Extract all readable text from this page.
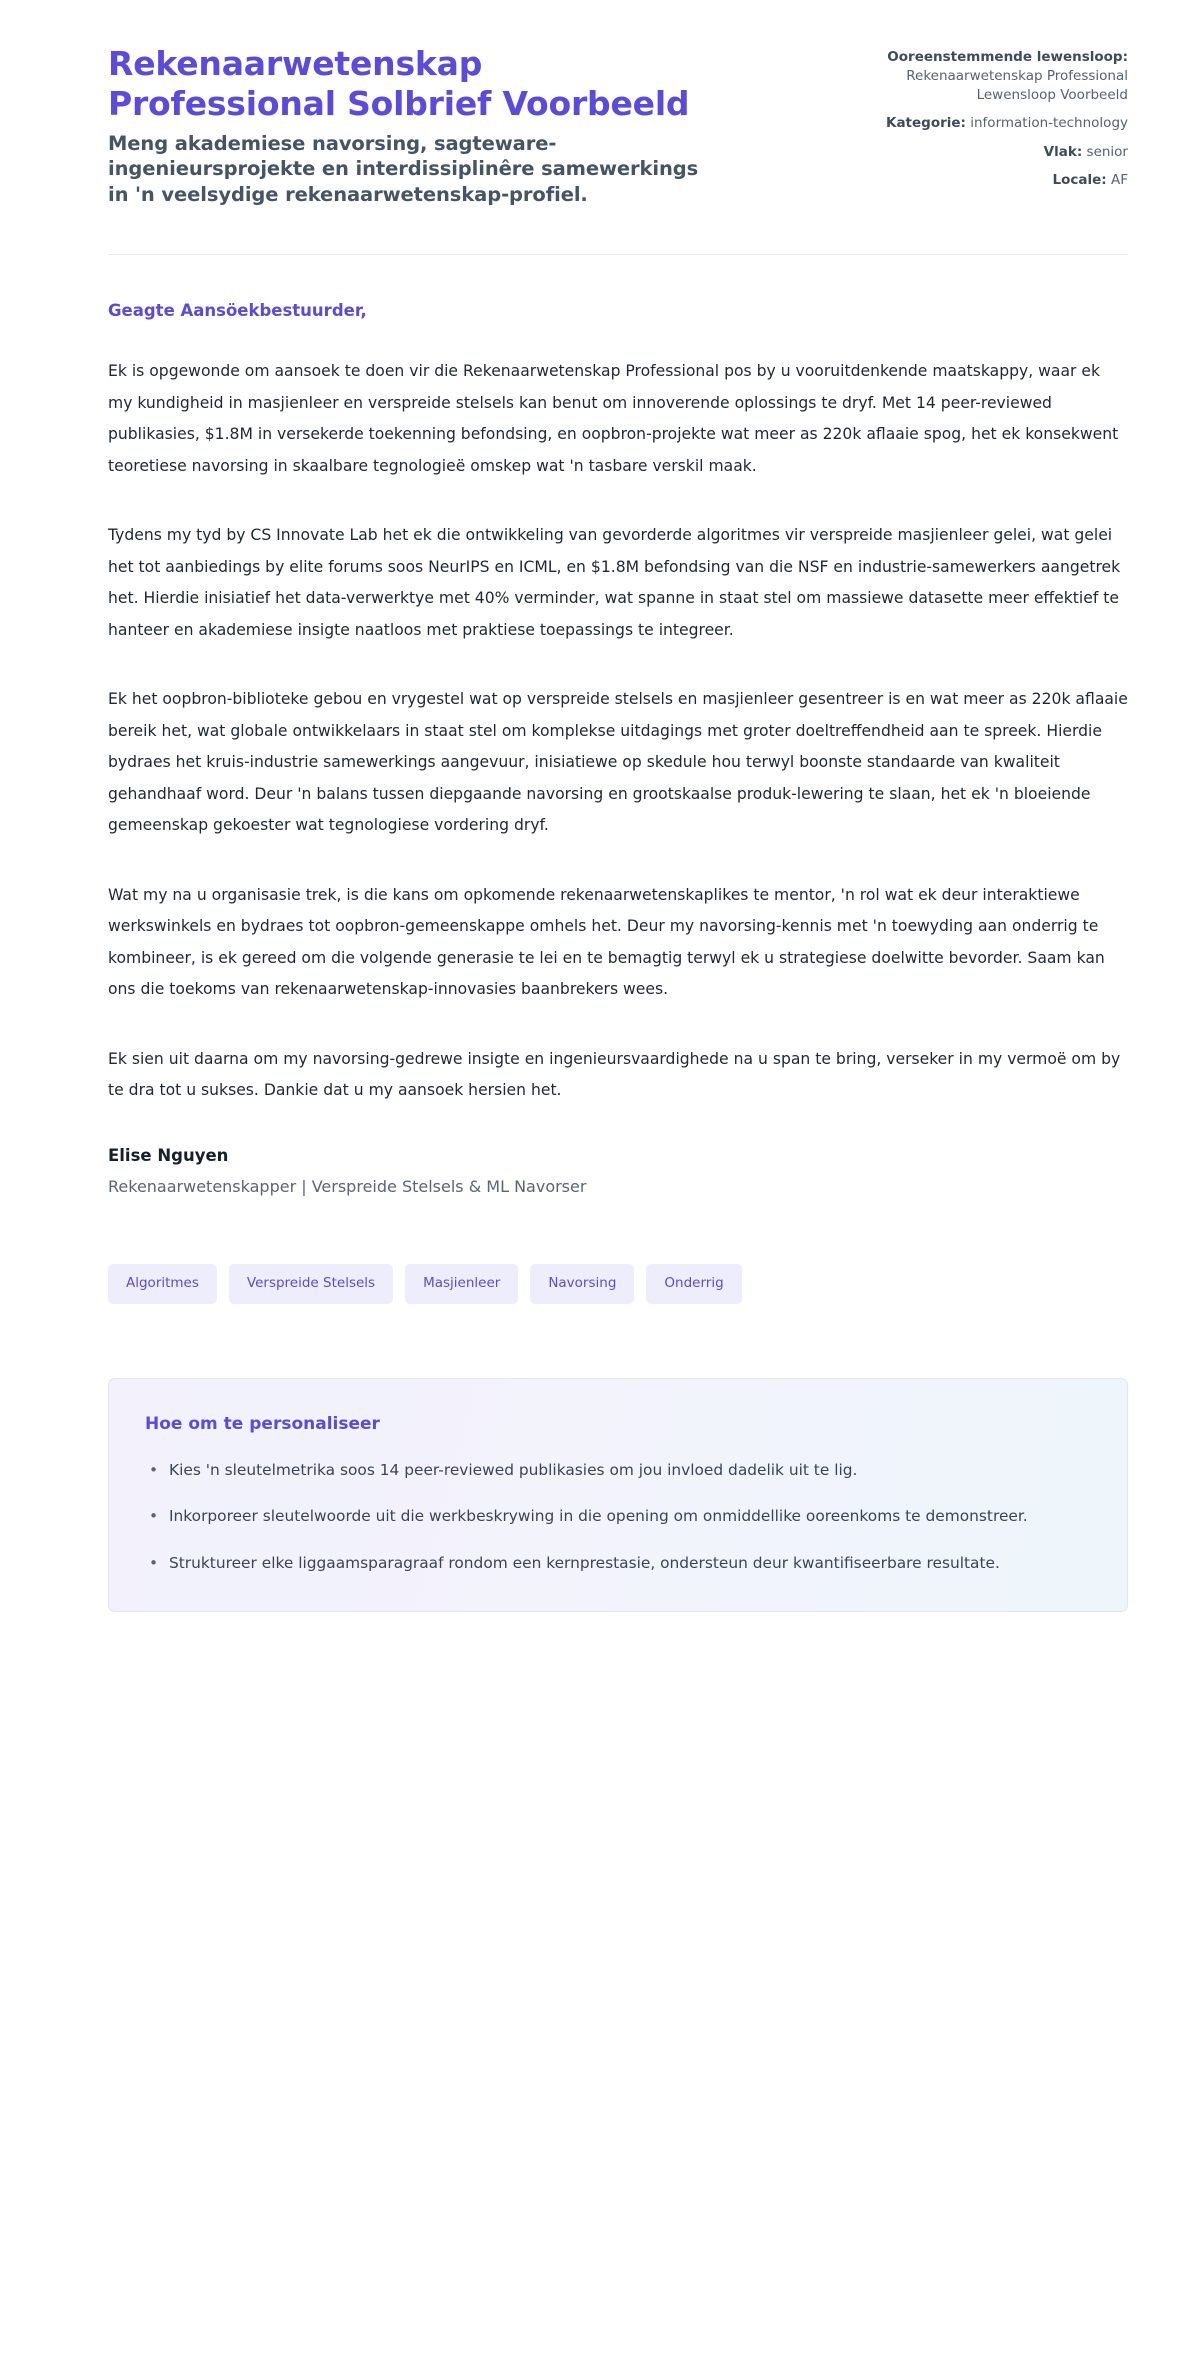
Rekenaarwetenskap Professional Solbrief Voorbeeld

Meng akademiese navorsing, sagteware-ingenieursprojekte en interdissiplinêre samewerkings in 'n veelsydige rekenaarwetenskap-profiel.

Ooreenstemmende lewensloop: Rekenaarwetenskap Professional Lewensloop Voorbeeld
Kategorie: information-technology
Vlak: senior
Locale: AF

Geagte Aansöekbestuurder,

Ek is opgewonde om aansoek te doen vir die Rekenaarwetenskap Professional pos by u vooruitdenkende maatskappy, waar ek my kundigheid in masjienleer en verspreide stelsels kan benut om innoverende oplossings te dryf. Met 14 peer-reviewed publikasies, $1.8M in versekerde toekenning befondsing, en oopbron-projekte wat meer as 220k aflaaie spog, het ek konsekwent teoretiese navorsing in skaalbare tegnologieë omskep wat 'n tasbare verskil maak.

Tydens my tyd by CS Innovate Lab het ek die ontwikkeling van gevorderde algoritmes vir verspreide masjienleer gelei, wat gelei het tot aanbiedings by elite forums soos NeurIPS en ICML, en $1.8M befondsing van die NSF en industrie-samewerkers aangetrek het. Hierdie inisiatief het data-verwerktye met 40% verminder, wat spanne in staat stel om massiewe datasette meer effektief te hanteer en akademiese insigte naatloos met praktiese toepassings te integreer.

Ek het oopbron-biblioteke gebou en vrygestel wat op verspreide stelsels en masjienleer gesentreer is en wat meer as 220k aflaaie bereik het, wat globale ontwikkelaars in staat stel om komplekse uitdagings met groter doeltreffendheid aan te spreek. Hierdie bydraes het kruis-industrie samewerkings aangevuur, inisiatiewe op skedule hou terwyl boonste standaarde van kwaliteit gehandhaaf word. Deur 'n balans tussen diepgaande navorsing en grootskaalse produk-lewering te slaan, het ek 'n bloeiende gemeenskap gekoester wat tegnologiese vordering dryf.

Wat my na u organisasie trek, is die kans om opkomende rekenaarwetenskaplikes te mentor, 'n rol wat ek deur interaktiewe werkswinkels en bydraes tot oopbron-gemeenskappe omhels het. Deur my navorsing-kennis met 'n toewyding aan onderrig te kombineer, is ek gereed om die volgende generasie te lei en te bemagtig terwyl ek u strategiese doelwitte bevorder. Saam kan ons die toekoms van rekenaarwetenskap-innovasies baanbrekers wees.

Ek sien uit daarna om my navorsing-gedrewe insigte en ingenieursvaardighede na u span te bring, verseker in my vermoë om by te dra tot u sukses. Dankie dat u my aansoek hersien het.

Elise Nguyen

Rekenaarwetenskapper | Verspreide Stelsels & ML Navorser

Algoritmes	Verspreide Stelsels	Masjienleer	Navorsing	Onderrig
Hoe om te personaliseer
• Kies 'n sleutelmetrika soos 14 peer-reviewed publikasies om jou invloed dadelik uit te lig.
• Inkorporeer sleutelwoorde uit die werkbeskrywing in die opening om onmiddellike ooreenkoms te demonstreer.
• Struktureer elke liggaamsparagraaf rondom een kernprestasie, ondersteun deur kwantifiseerbare resultate.
